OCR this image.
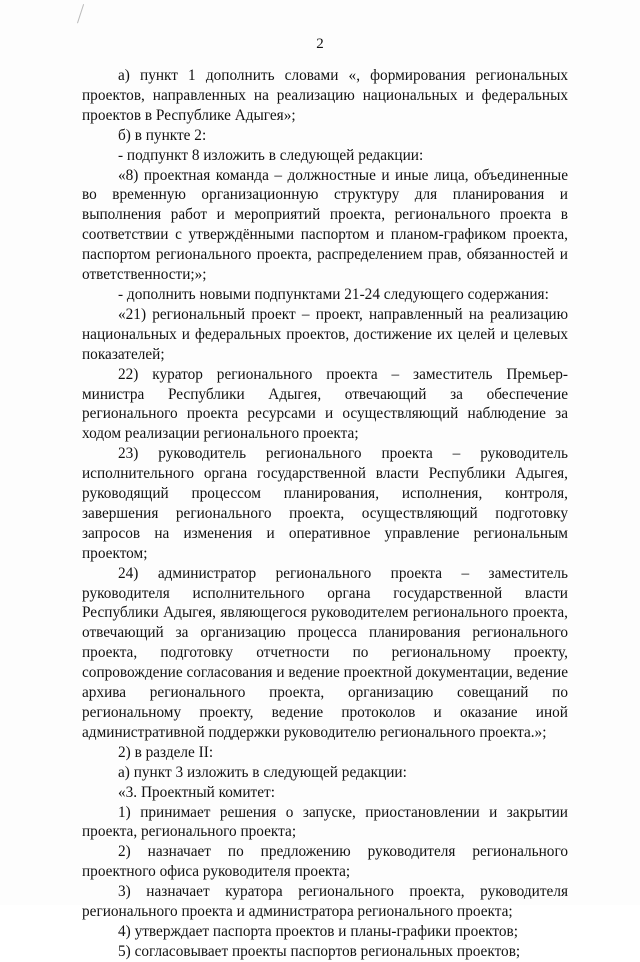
2

а) пункт 1 дополнить словами «, формирования региональных проектов, направленных на реализацию национальных и федеральных проектов в Республике Адыгея»;

б) в пункте 2:

- подпункт 8 изложить в следующей редакции:

«8) проектная команда – должностные и иные лица, объединенные во временную организационную структуру для планирования и выполнения работ и мероприятий проекта, регионального проекта в соответствии с утверждёнными паспортом и планом-графиком проекта, паспортом регионального проекта, распределением прав, обязанностей и ответственности;»;

- дополнить новыми подпунктами 21-24 следующего содержания:

«21) региональный проект – проект, направленный на реализацию национальных и федеральных проектов, достижение их целей и целевых показателей;

22) куратор регионального проекта – заместитель Премьер-министра Республики Адыгея, отвечающий за обеспечение регионального проекта ресурсами и осуществляющий наблюдение за ходом реализации регионального проекта;

23) руководитель регионального проекта – руководитель исполнительного органа государственной власти Республики Адыгея, руководящий процессом планирования, исполнения, контроля, завершения регионального проекта, осуществляющий подготовку запросов на изменения и оперативное управление региональным проектом;

24) администратор регионального проекта – заместитель руководителя исполнительного органа государственной власти Республики Адыгея, являющегося руководителем регионального проекта, отвечающий за организацию процесса планирования регионального проекта, подготовку отчетности по региональному проекту, сопровождение согласования и ведение проектной документации, ведение архива регионального проекта, организацию совещаний по региональному проекту, ведение протоколов и оказание иной административной поддержки руководителю регионального проекта.»;

2) в разделе II:

а) пункт 3 изложить в следующей редакции:

«3. Проектный комитет:

1) принимает решения о запуске, приостановлении и закрытии проекта, регионального проекта;

2) назначает по предложению руководителя регионального проектного офиса руководителя проекта;

3) назначает куратора регионального проекта, руководителя регионального проекта и администратора регионального проекта;

4) утверждает паспорта проектов и планы-графики проектов;

5) согласовывает проекты паспортов региональных проектов;
